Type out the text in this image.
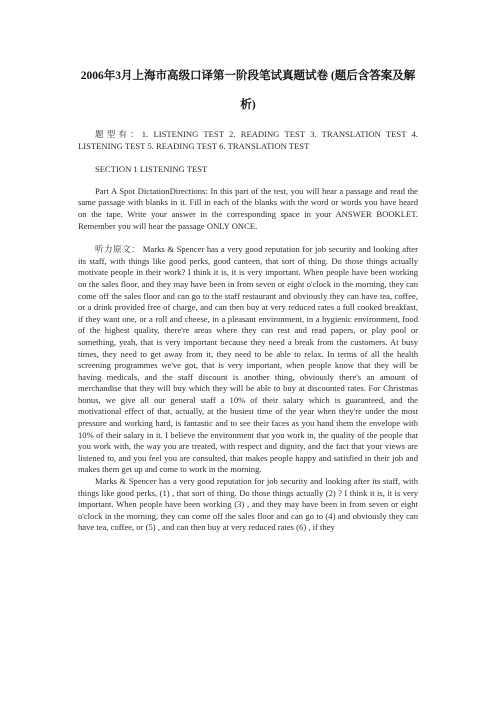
2006年3月上海市高级口译第一阶段笔试真题试卷 (题后含答案及解析)

题型有：1. LISTENING TEST 2. READING TEST 3. TRANSLATION TEST 4. LISTENING TEST 5. READING TEST 6. TRANSLATION TEST

SECTION 1 LISTENING TEST

Part A Spot DictationDirections: In this part of the test, you will hear a passage and read the same passage with blanks in it. Fill in each of the blanks with the word or words you have heard on the tape. Write your answer in the corresponding space in your ANSWER BOOKLET. Remember you will hear the passage ONLY ONCE.

听力原文： Marks & Spencer has a very good reputation for job security and looking after its staff, with things like good perks, good canteen, that sort of thing. Do those things actually motivate people in their work? I think it is, it is very important. When people have been working on the sales floor, and they may have been in from seven or eight o'clock in the morning, they can come off the sales floor and can go to the staff restaurant and obviously they can have tea, coffee, or a drink provided free of charge, and can then buy at very reduced rates a full cooked breakfast, if they want one, or a roll and cheese, in a pleasant environment, in a hygienic environment, food of the highest quality, there're areas where they can rest and read papers, or play pool or something, yeah, that is very important because they need a break from the customers. At busy times, they need to get away from it, they need to be able to relax. In terms of all the health screening programmes we've got, that is very important, when people know that they will be having medicals, and the staff discount is another thing, obviously there's an amount of merchandise that they will buy which they will be able to buy at discounted rates. For Christmas bonus, we give all our general staff a 10% of their salary which is guaranteed, and the motivational effect of that, actually, at the busiest time of the year when they're under the most pressure and working hard, is fantastic and to see their faces as you hand them the envelope with 10% of their salary in it. I believe the environment that you work in, the quality of the people that you work with, the way you are treated, with respect and dignity, and the fact that your views are listened to, and you feel you are consulted, that makes people happy and satisfied in their job and makes them get up and come to work in the morning.

Marks & Spencer has a very good reputation for job security and looking after its staff, with things like good perks, (1) , that sort of thing. Do those things actually (2) ? I think it is, it is very important. When people have been working (3) , and they may have been in from seven or eight o'clock in the morning, they can come off the sales floor and can go to (4) and obviously they can have tea, coffee, or (5) , and can then buy at very reduced rates (6) , if they
